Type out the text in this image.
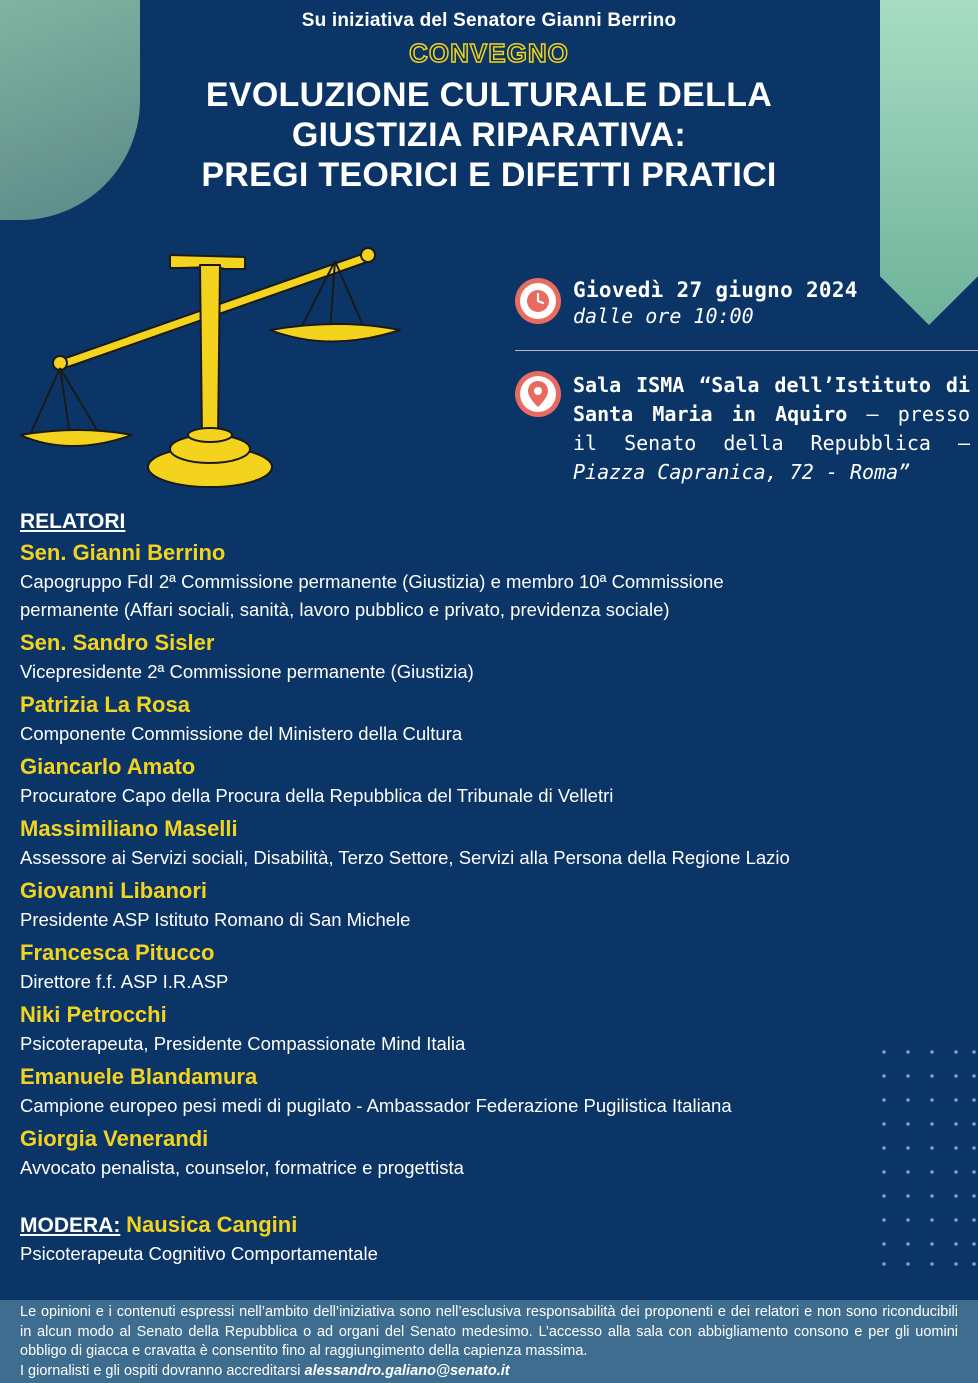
Su iniziativa del Senatore Gianni Berrino
CONVEGNO
EVOLUZIONE CULTURALE DELLA
GIUSTIZIA RIPARATIVA:
PREGI TEORICI E DIFETTI PRATICI
Giovedì 27 giugno 2024
dalle ore 10:00
Sala ISMA “Sala dell’Istituto di Santa Maria in Aquiro – presso il Senato della Repubblica – Piazza Capranica, 72 - Roma”
RELATORI
Sen. Gianni Berrino
Capogruppo FdI 2ª Commissione permanente (Giustizia) e membro 10ª Commissione permanente (Affari sociali, sanità, lavoro pubblico e privato, previdenza sociale)
Sen. Sandro Sisler
Vicepresidente 2ª Commissione permanente (Giustizia)
Patrizia La Rosa
Componente Commissione del Ministero della Cultura
Giancarlo Amato
Procuratore Capo della Procura della Repubblica del Tribunale di Velletri
Massimiliano Maselli
Assessore ai Servizi sociali, Disabilità, Terzo Settore, Servizi alla Persona della Regione Lazio
Giovanni Libanori
Presidente ASP Istituto Romano di San Michele
Francesca Pitucco
Direttore f.f. ASP I.R.ASP
Niki Petrocchi
Psicoterapeuta, Presidente Compassionate Mind Italia
Emanuele Blandamura
Campione europeo pesi medi di pugilato - Ambassador Federazione Pugilistica Italiana
Giorgia Venerandi
Avvocato penalista, counselor, formatrice e progettista
MODERA: Nausica Cangini
Psicoterapeuta Cognitivo Comportamentale
Le opinioni e i contenuti espressi nell’ambito dell’iniziativa sono nell’esclusiva responsabilità dei proponenti e dei relatori e non sono riconducibili in alcun modo al Senato della Repubblica o ad organi del Senato medesimo. L’accesso alla sala con abbigliamento consono e per gli uomini obbligo di giacca e cravatta è consentito fino al raggiungimento della capienza massima.
I giornalisti e gli ospiti dovranno accreditarsi alessandro.galiano@senato.it
